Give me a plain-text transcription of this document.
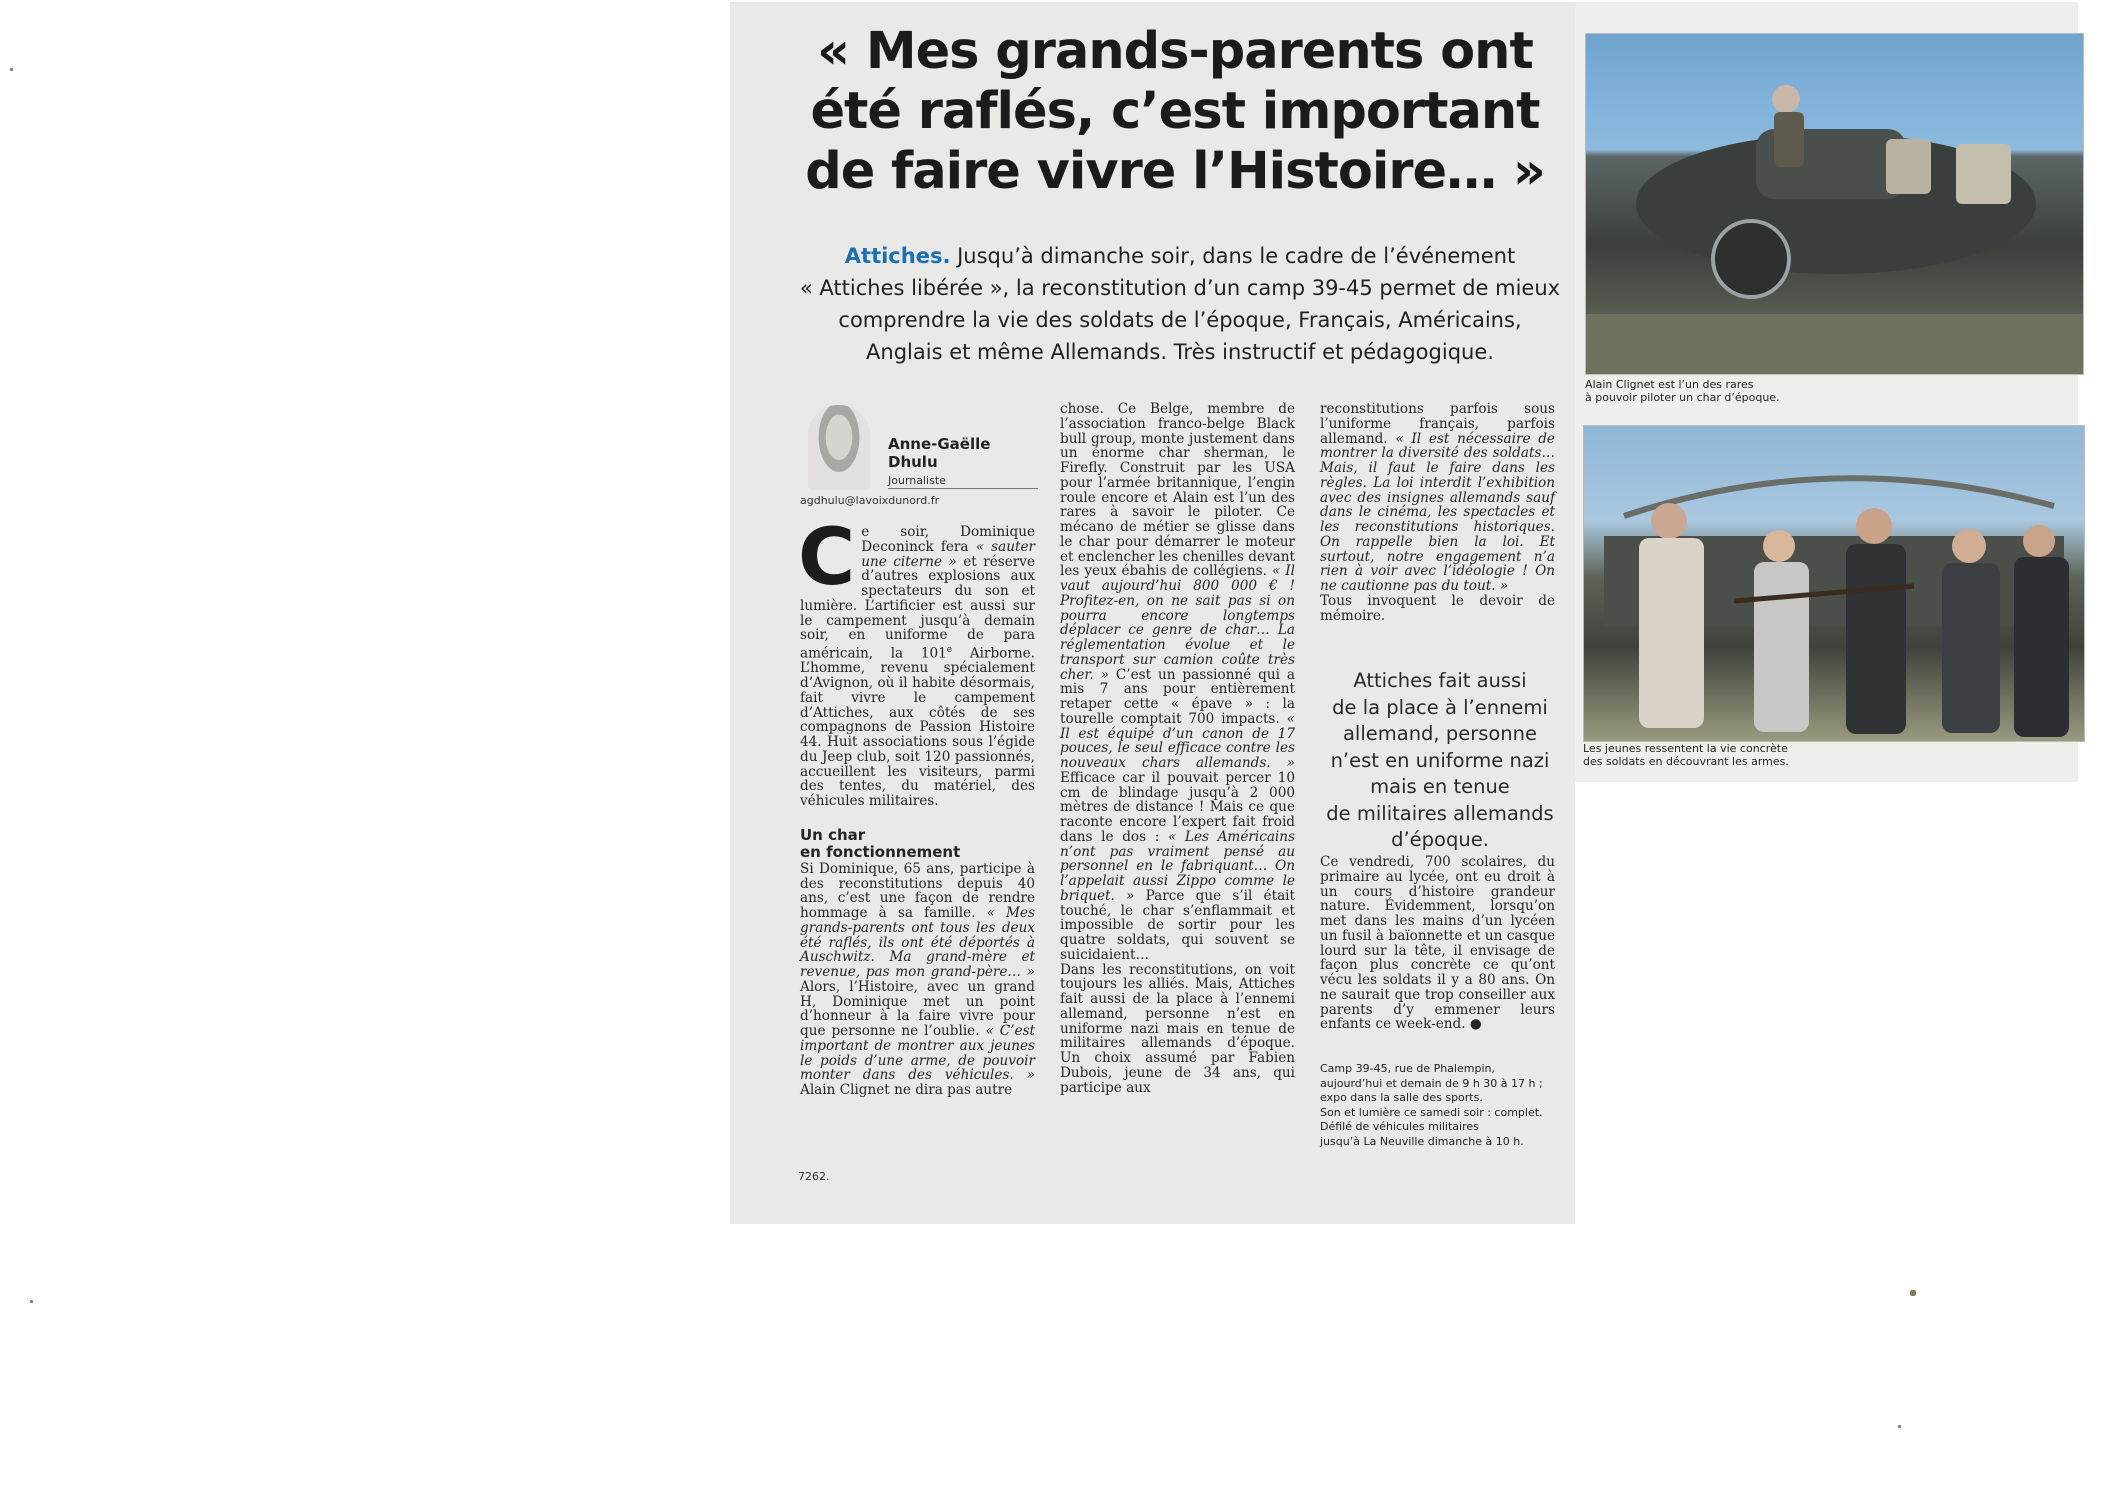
« Mes grands-parents ont
été raflés, c’est important
de faire vivre l’Histoire… »
Attiches. Jusqu’à dimanche soir, dans le cadre de l’événement
« Attiches libérée », la reconstitution d’un camp 39-45 permet de mieux
comprendre la vie des soldats de l’époque, Français, Américains,
Anglais et même Allemands. Très instructif et pédagogique.
Anne-Gaëlle
Dhulu
Journaliste
agdhulu@lavoixdunord.fr

Ce soir, Dominique Deconinck fera « sauter une citerne » et réserve d’autres explosions aux spectateurs du son et lumière. L’artificier est aussi sur le campement jusqu’à demain soir, en uniforme de para américain, la 101e Airborne. L’homme, revenu spécialement d’Avignon, où il habite désormais, fait vivre le campement d’Attiches, aux côtés de ses compagnons de Passion Histoire 44. Huit associations sous l’égide du Jeep club, soit 120 passionnés, accueillent les visiteurs, parmi des tentes, du matériel, des véhicules militaires.

Un char
en fonctionnement

Si Dominique, 65 ans, participe à des reconstitutions depuis 40 ans, c’est une façon de rendre hommage à sa famille. « Mes grands-parents ont tous les deux été raflés, ils ont été déportés à Auschwitz. Ma grand-mère et revenue, pas mon grand-père… » Alors, l’Histoire, avec un grand H, Dominique met un point d’honneur à la faire vivre pour que personne ne l’oublie. « C’est important de montrer aux jeunes le poids d’une arme, de pouvoir monter dans des véhicules. » Alain Clignet ne dira pas autre

chose. Ce Belge, membre de l’association franco-belge Black bull group, monte justement dans un énorme char sherman, le Firefly. Construit par les USA pour l’armée britannique, l’engin roule encore et Alain est l’un des rares à savoir le piloter. Ce mécano de métier se glisse dans le char pour démarrer le moteur et enclencher les chenilles devant les yeux ébahis de collégiens. « Il vaut aujourd’hui 800 000 € ! Profitez-en, on ne sait pas si on pourra encore longtemps déplacer ce genre de char… La réglementation évolue et le transport sur camion coûte très cher. » C’est un passionné qui a mis 7 ans pour entièrement retaper cette « épave » : la tourelle comptait 700 impacts. « Il est équipé d’un canon de 17 pouces, le seul efficace contre les nouveaux chars allemands. » Efficace car il pouvait percer 10 cm de blindage jusqu’à 2 000 mètres de distance ! Mais ce que raconte encore l’expert fait froid dans le dos : « Les Américains n’ont pas vraiment pensé au personnel en le fabriquant… On l’appelait aussi Zippo comme le briquet. » Parce que s’il était touché, le char s’enflammait et impossible de sortir pour les quatre soldats, qui souvent se suicidaient…

Dans les reconstitutions, on voit toujours les alliés. Mais, Attiches fait aussi de la place à l’ennemi allemand, personne n’est en uniforme nazi mais en tenue de militaires allemands d’époque. Un choix assumé par Fabien Dubois, jeune de 34 ans, qui participe aux

reconstitutions parfois sous l’uniforme français, parfois allemand. « Il est nécessaire de montrer la diversité des soldats… Mais, il faut le faire dans les règles. La loi interdit l’exhibition avec des insignes allemands sauf dans le cinéma, les spectacles et les reconstitutions historiques. On rappelle bien la loi. Et surtout, notre engagement n’a rien à voir avec l’idéologie ! On ne cautionne pas du tout. »

Tous invoquent le devoir de mémoire.

Attiches fait aussi
de la place à l’ennemi
allemand, personne
n’est en uniforme nazi
mais en tenue
de militaires allemands
d’époque.

Ce vendredi, 700 scolaires, du primaire au lycée, ont eu droit à un cours d’histoire grandeur nature. Évidemment, lorsqu’on met dans les mains d’un lycéen un fusil à baïonnette et un casque lourd sur la tête, il envisage de façon plus concrète ce qu’ont vécu les soldats il y a 80 ans. On ne saurait que trop conseiller aux parents d’y emmener leurs enfants ce week-end. ●

Camp 39-45, rue de Phalempin,
aujourd’hui et demain de 9 h 30 à 17 h ;
expo dans la salle des sports.
Son et lumière ce samedi soir : complet.
Défilé de véhicules militaires
jusqu’à La Neuville dimanche à 10 h.
7262.
Alain Clignet est l’un des rares
à pouvoir piloter un char d’époque.
Les jeunes ressentent la vie concrète
des soldats en découvrant les armes.
